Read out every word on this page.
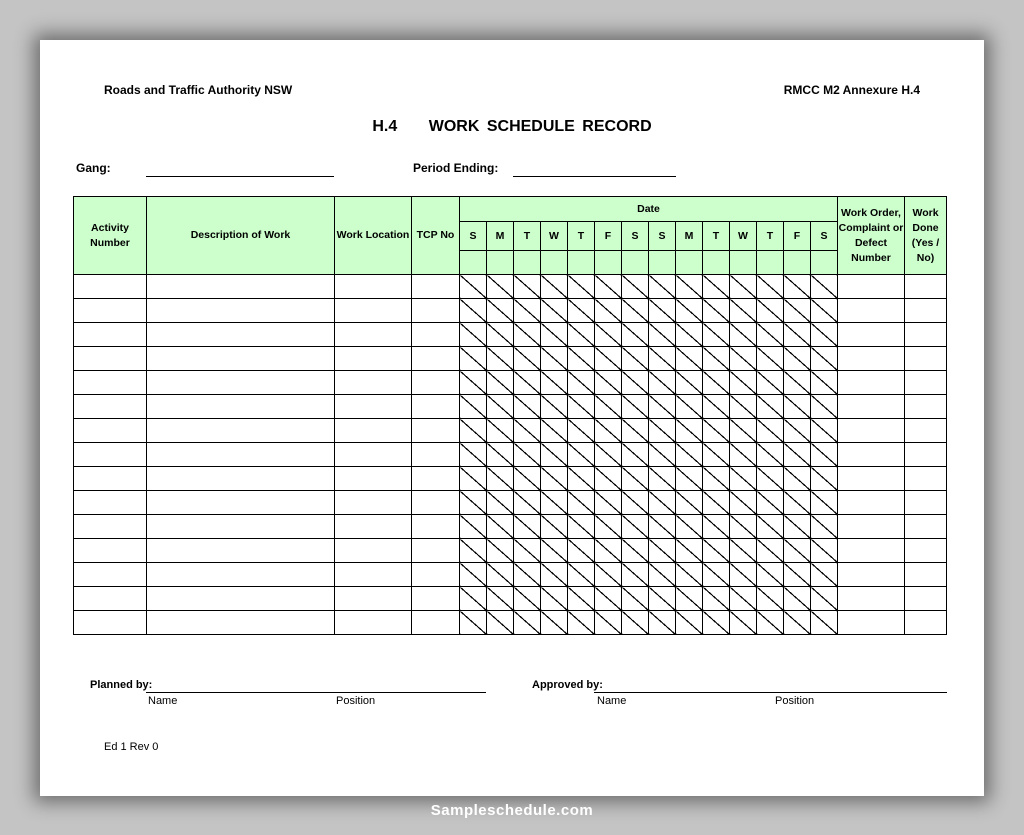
Roads and Traffic Authority NSW	RMCC M2 Annexure H.4
H.4 WORK SCHEDULE RECORD
Gang:	Period Ending:
Activity Number	Description of Work	Work Location	TCP No	Date														Work Order, Complaint or Defect Number	Work Done (Yes / No)
				S	M	T	W	T	F	S	S	M	T	W	T	F	S		

Planned by:
Name	Position
Approved by:
Name	Position
Ed 1 Rev 0
Sampleschedule.com
